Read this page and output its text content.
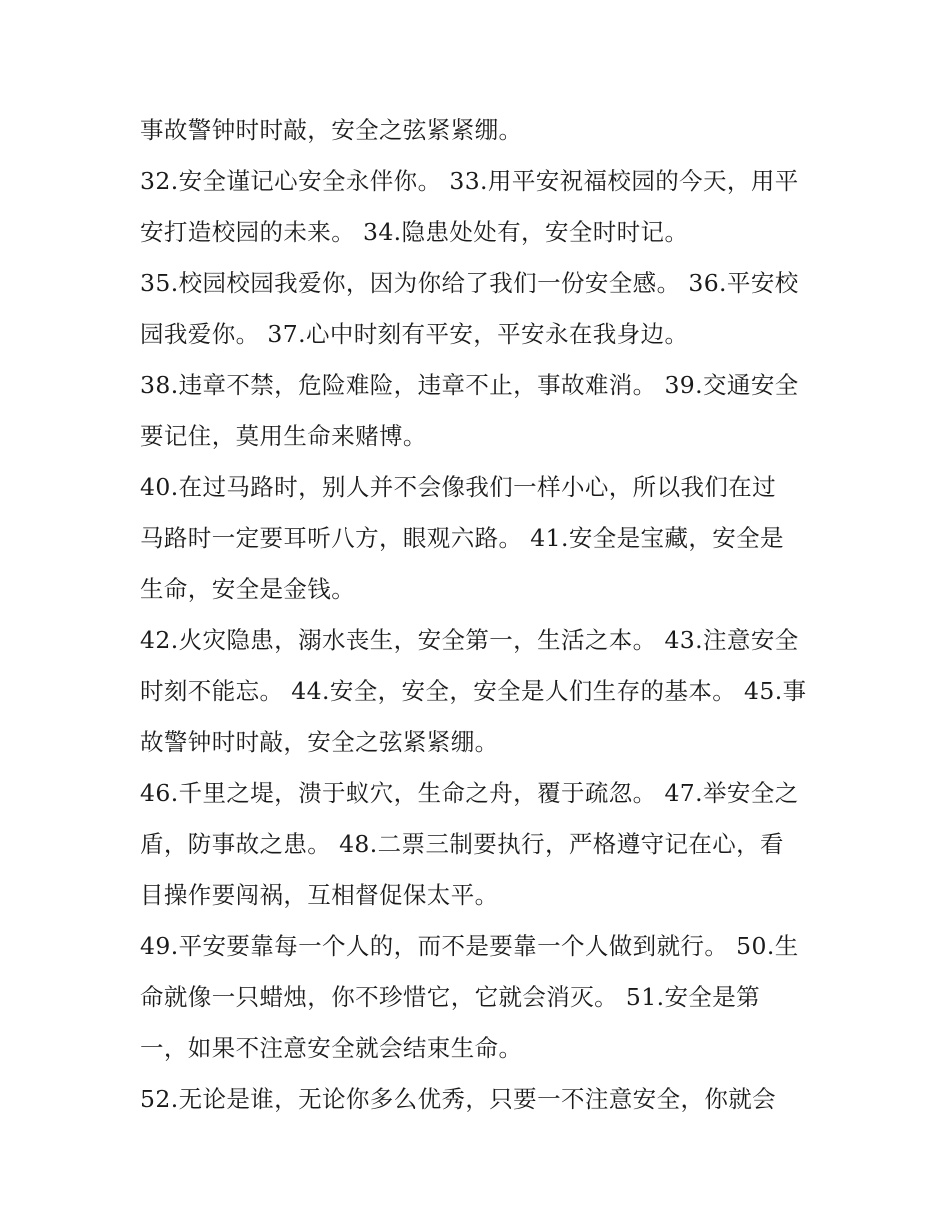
事故警钟时时敲，安全之弦紧紧绷。
32.安全谨记心安全永伴你。 33.用平安祝福校园的今天，用平
安打造校园的未来。 34.隐患处处有，安全时时记。
35.校园校园我爱你，因为你给了我们一份安全感。 36.平安校
园我爱你。 37.心中时刻有平安，平安永在我身边。
38.违章不禁，危险难险，违章不止，事故难消。 39.交通安全
要记住，莫用生命来赌博。
40.在过马路时，别人并不会像我们一样小心，所以我们在过
马路时一定要耳听八方，眼观六路。 41.安全是宝藏，安全是
生命，安全是金钱。
42.火灾隐患，溺水丧生，安全第一，生活之本。 43.注意安全
时刻不能忘。 44.安全，安全，安全是人们生存的基本。 45.事
故警钟时时敲，安全之弦紧紧绷。
46.千里之堤，溃于蚁穴，生命之舟，覆于疏忽。 47.举安全之
盾，防事故之患。 48.二票三制要执行，严格遵守记在心，看
目操作要闯祸，互相督促保太平。
49.平安要靠每一个人的，而不是要靠一个人做到就行。 50.生
命就像一只蜡烛，你不珍惜它，它就会消灭。 51.安全是第
一，如果不注意安全就会结束生命。
52.无论是谁，无论你多么优秀，只要一不注意安全，你就会
